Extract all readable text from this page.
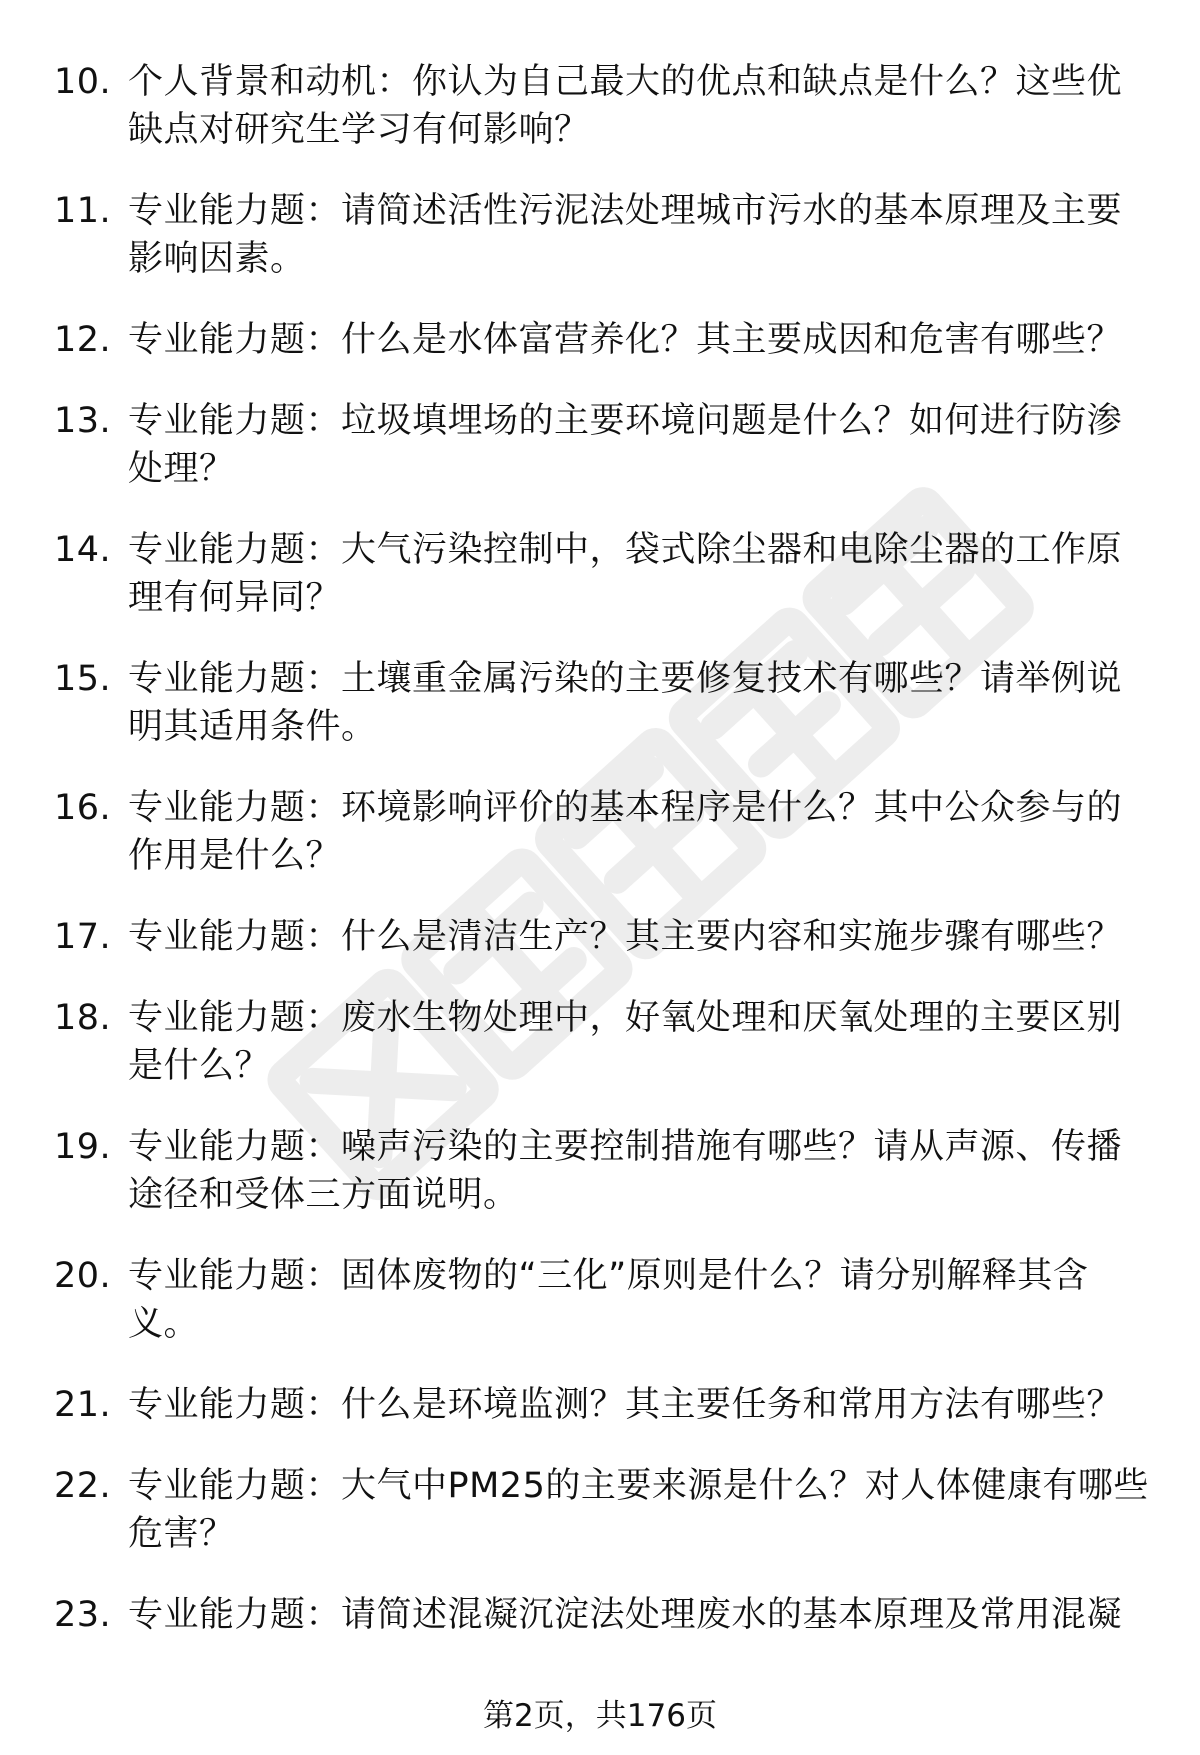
10. 个人背景和动机：你认为自己最大的优点和缺点是什么？这些优缺点对研究生学习有何影响？
11. 专业能力题：请简述活性污泥法处理城市污水的基本原理及主要影响因素。
12. 专业能力题：什么是水体富营养化？其主要成因和危害有哪些？
13. 专业能力题：垃圾填埋场的主要环境问题是什么？如何进行防渗处理？
14. 专业能力题：大气污染控制中，袋式除尘器和电除尘器的工作原理有何异同？
15. 专业能力题：土壤重金属污染的主要修复技术有哪些？请举例说明其适用条件。
16. 专业能力题：环境影响评价的基本程序是什么？其中公众参与的作用是什么？
17. 专业能力题：什么是清洁生产？其主要内容和实施步骤有哪些？
18. 专业能力题：废水生物处理中，好氧处理和厌氧处理的主要区别是什么？
19. 专业能力题：噪声污染的主要控制措施有哪些？请从声源、传播途径和受体三方面说明。
20. 专业能力题：固体废物的“三化”原则是什么？请分别解释其含义。
21. 专业能力题：什么是环境监测？其主要任务和常用方法有哪些？
22. 专业能力题：大气中PM25的主要来源是什么？对人体健康有哪些危害？
23. 专业能力题：请简述混凝沉淀法处理废水的基本原理及常用混凝
第2页，共176页
